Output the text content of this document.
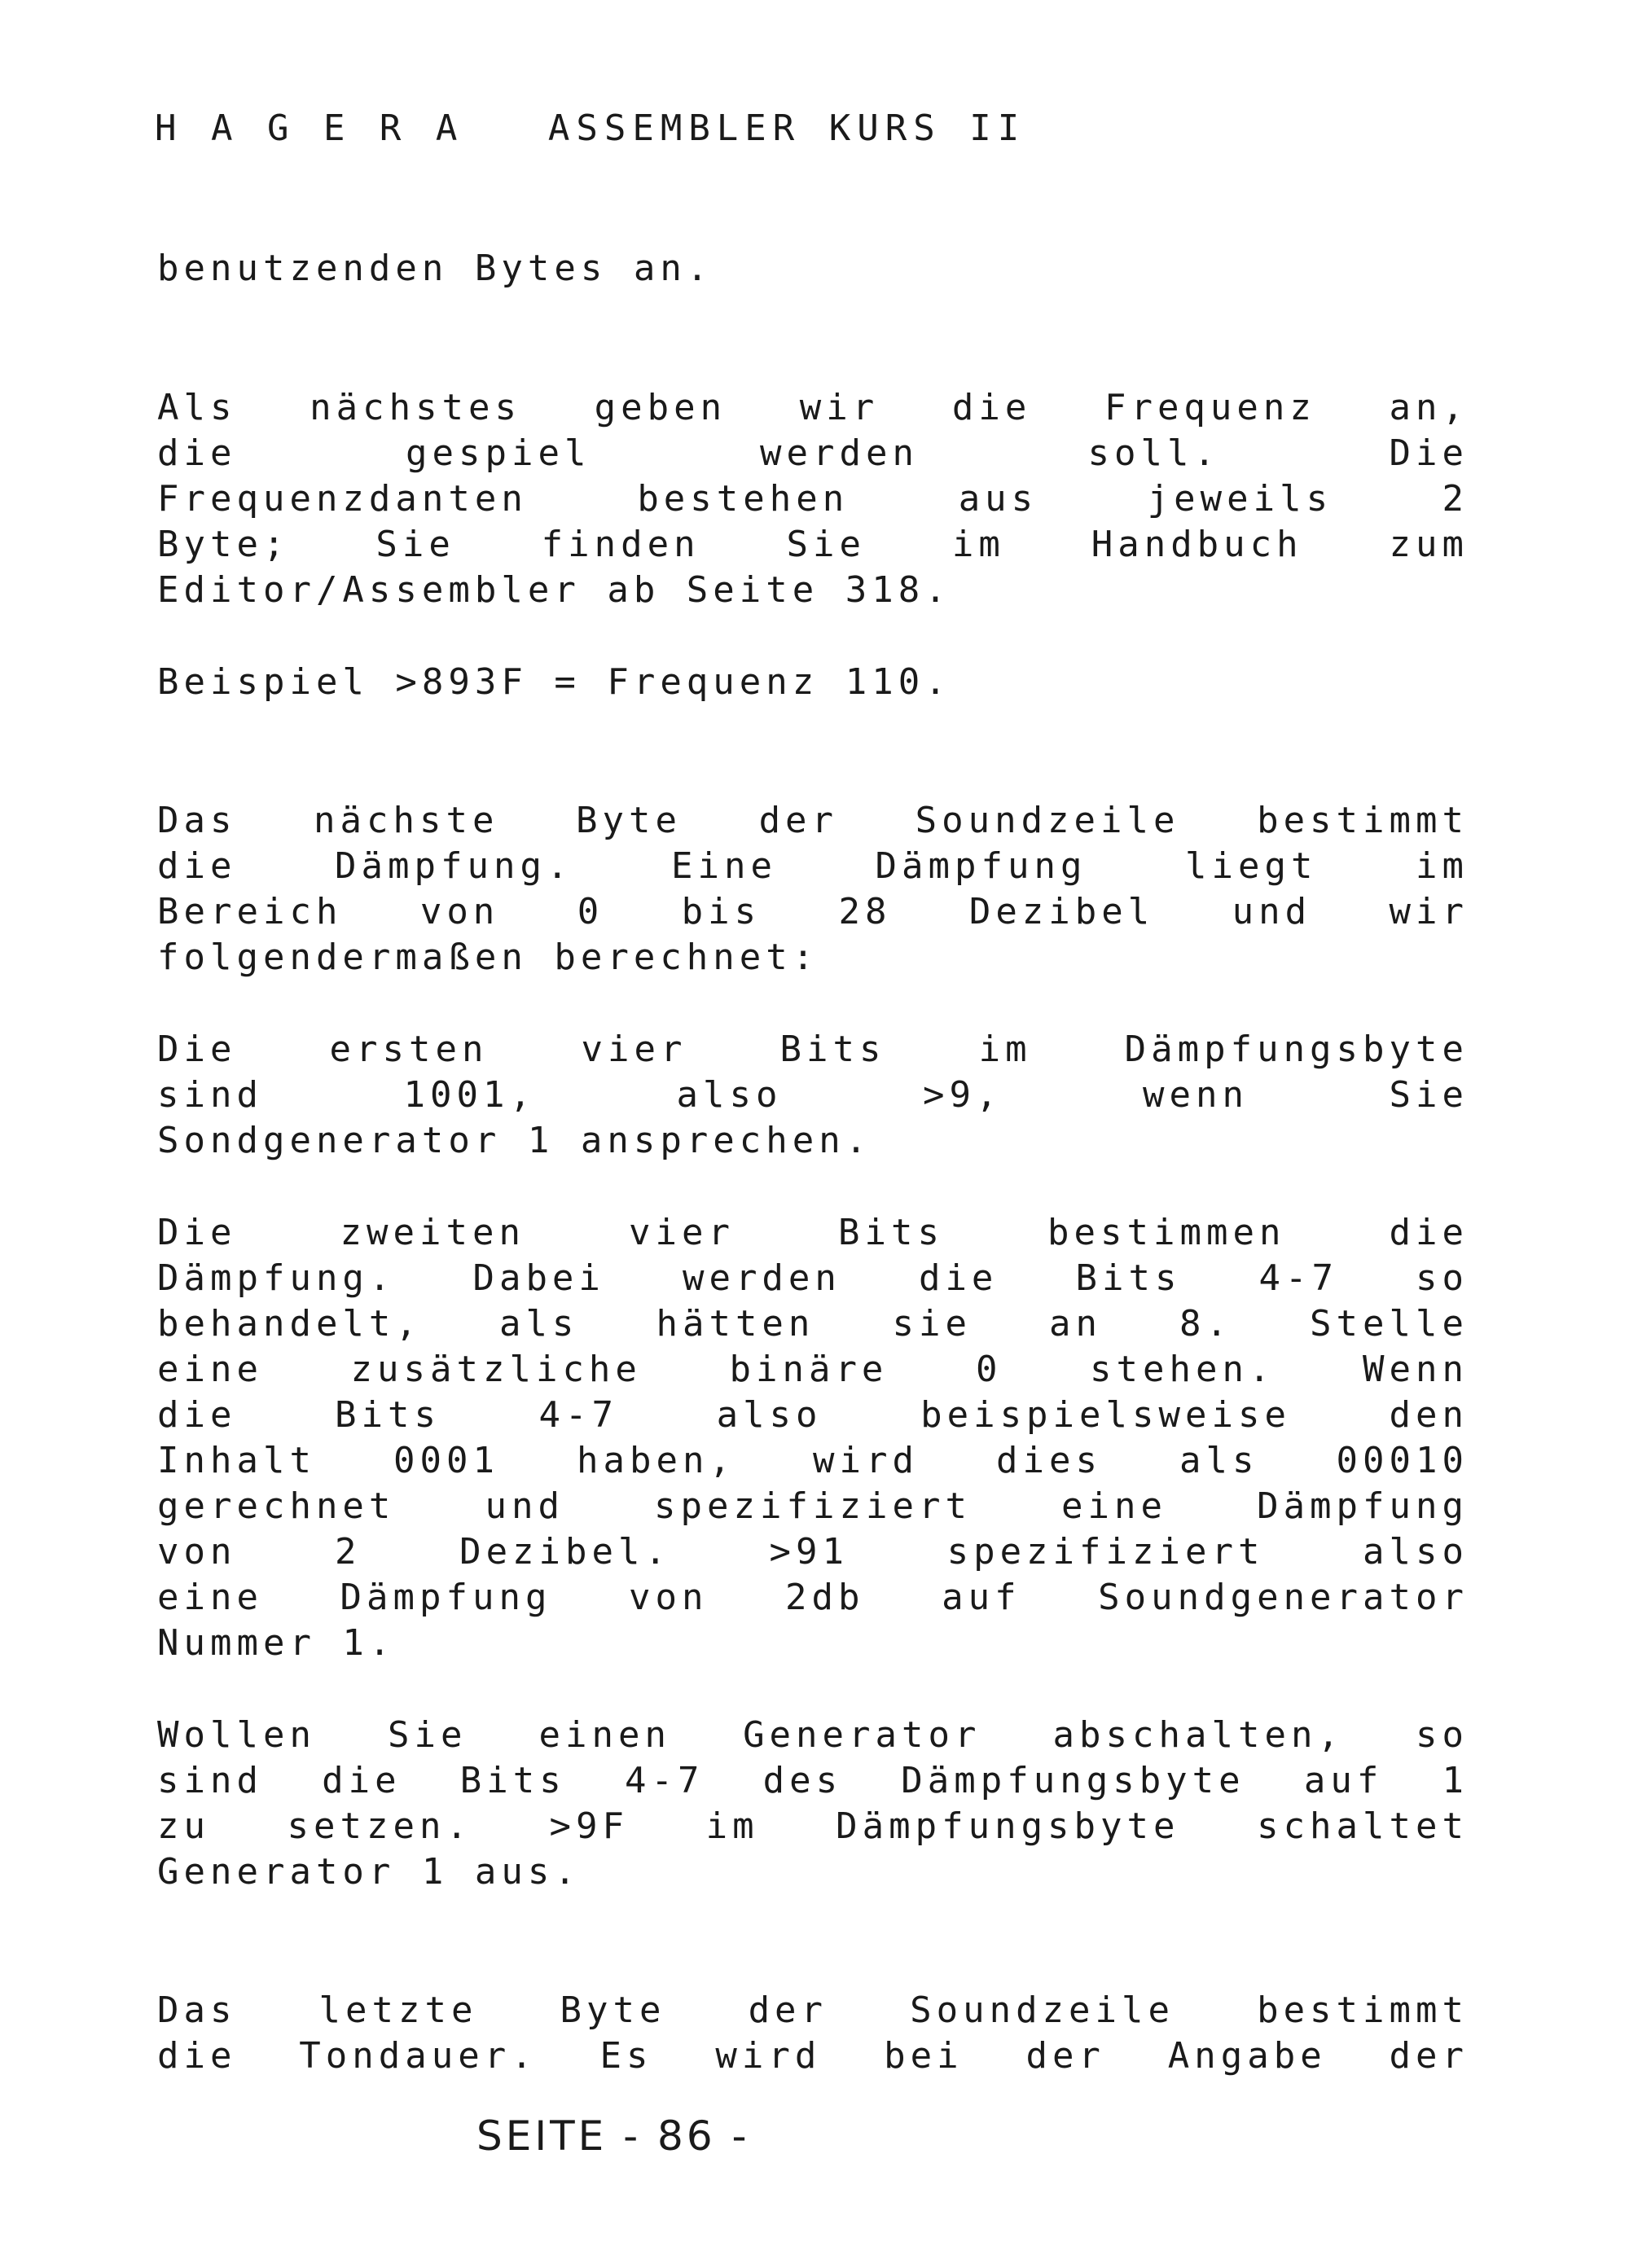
H A G E R A   ASSEMBLER KURS II
benutzenden Bytes an.
Als nächstes geben wir die Frequenz an,
die gespiel werden soll. Die
Frequenzdanten bestehen aus jeweils 2
Byte; Sie finden Sie im Handbuch zum
Editor/Assembler ab Seite 318.
Beispiel >893F = Frequenz 110.
Das nächste Byte der Soundzeile bestimmt
die Dämpfung. Eine Dämpfung liegt im
Bereich von 0 bis 28 Dezibel und wir
folgendermaßen berechnet:
Die ersten vier Bits im Dämpfungsbyte
sind 1001, also >9, wenn Sie
Sondgenerator 1 ansprechen.
Die zweiten vier Bits bestimmen die
Dämpfung. Dabei werden die Bits 4-7 so
behandelt, als hätten sie an 8. Stelle
eine zusätzliche binäre 0 stehen. Wenn
die Bits 4-7 also beispielsweise den
Inhalt 0001 haben, wird dies als 00010
gerechnet und spezifiziert eine Dämpfung
von 2 Dezibel. >91 spezifiziert also
eine Dämpfung von 2db auf Soundgenerator
Nummer 1.
Wollen Sie einen Generator abschalten, so
sind die Bits 4-7 des Dämpfungsbyte auf 1
zu setzen. >9F im Dämpfungsbyte schaltet
Generator 1 aus.
Das letzte Byte der Soundzeile bestimmt
die Tondauer. Es wird bei der Angabe der
SEITE - 86 -
